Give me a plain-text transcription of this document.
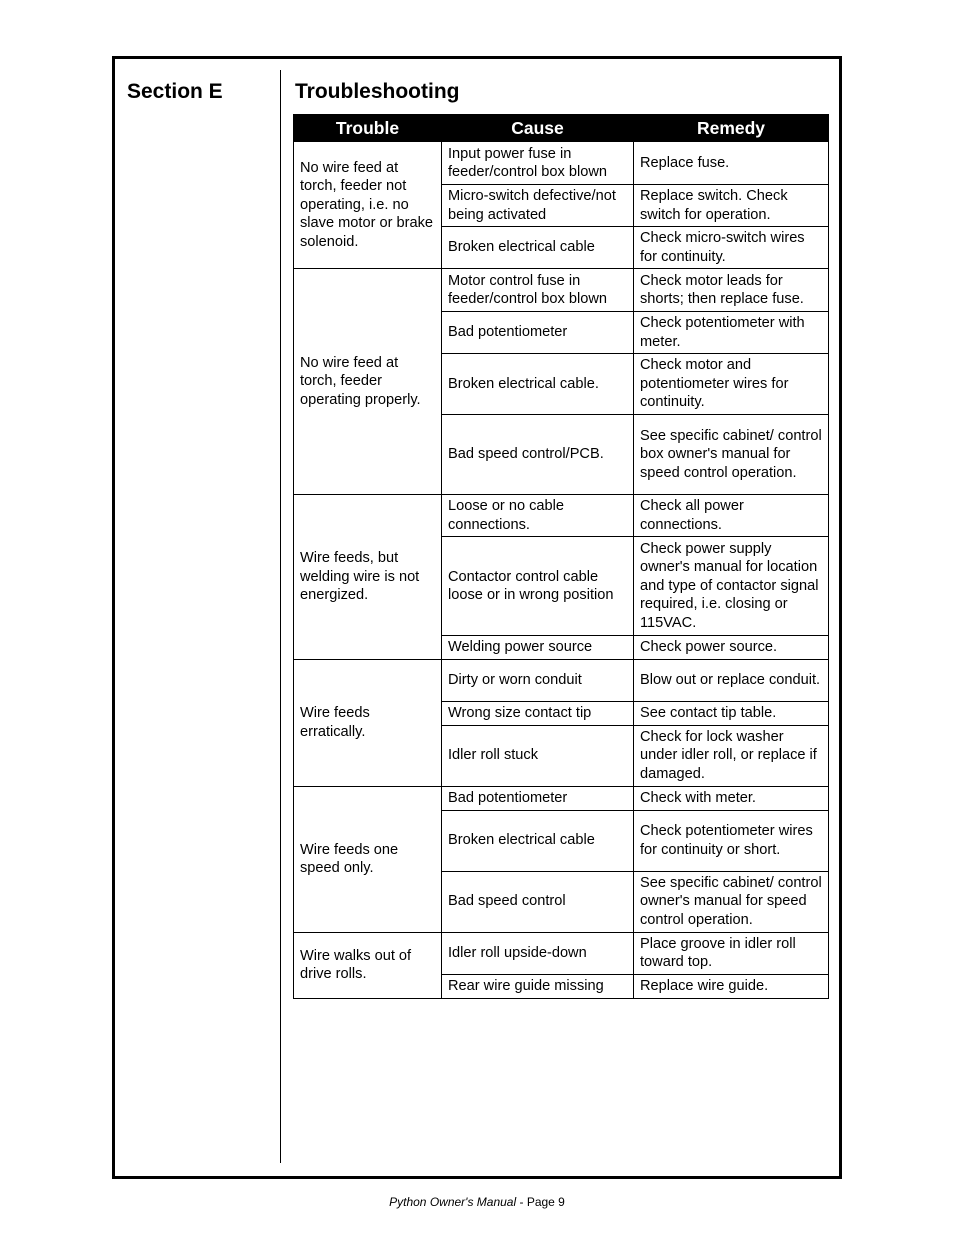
Section E	Troubleshooting
Trouble	Cause	Remedy
No wire feed at torch, feeder not operating, i.e. no slave motor or brake solenoid.	Input power fuse in feeder/control box blown	Replace fuse.
	Micro-switch defective/not being activated	Replace switch. Check switch for operation.
	Broken electrical cable	Check micro-switch wires for continuity.
No wire feed at torch, feeder operating properly.	Motor control fuse in feeder/control box blown	Check motor leads for shorts; then replace fuse.
	Bad potentiometer	Check potentiometer with meter.
	Broken electrical cable.	Check motor and potentiometer wires for continuity.
	Bad speed control/PCB.	See specific cabinet/ control box owner's manual for speed control operation.
Wire feeds, but welding wire is not energized.	Loose or no cable connections.	Check all power connections.
	Contactor control cable loose or in wrong position	Check power supply owner's manual for location and type of contactor signal required, i.e. closing or 115VAC.
	Welding power source	Check power source.
Wire feeds erratically.	Dirty or worn conduit	Blow out or replace conduit.
	Wrong size contact tip	See contact tip table.
	Idler roll stuck	Check for lock washer under idler roll, or replace if damaged.
Wire feeds one speed only.	Bad potentiometer	Check with meter.
	Broken electrical cable	Check potentiometer wires for continuity or short.
	Bad speed control	See specific cabinet/ control owner's manual for speed control operation.
Wire walks out of drive rolls.	Idler roll upside-down	Place groove in idler roll toward top.
	Rear wire guide missing	Replace wire guide.
Python Owner's Manual - Page 9
